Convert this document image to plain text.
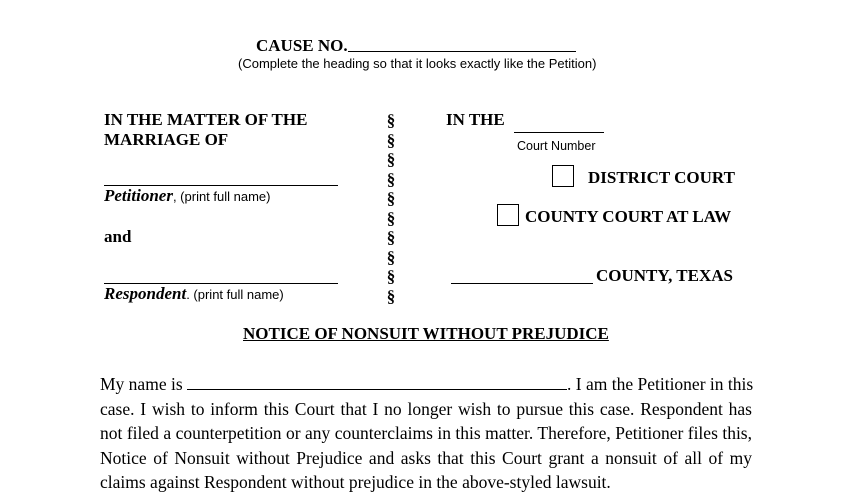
CAUSE NO.
(Complete the heading so that it looks exactly like the Petition)
IN THE MATTER OF THE
MARRIAGE OF
Petitioner, (print full name)
and
Respondent. (print full name)
§
§
§
§
§
§
§
§
§
§
IN THE
Court Number
DISTRICT COURT
COUNTY COURT AT LAW
COUNTY, TEXAS
NOTICE OF NONSUIT WITHOUT PREJUDICE

My name is	. I am the Petitioner in this

case. I wish to inform this Court that I no longer wish to pursue this case. Respondent has not filed a counterpetition or any counterclaims in this matter. Therefore, Petitioner files this, Notice of Nonsuit without Prejudice and asks that this Court grant a nonsuit of all of my claims against Respondent without prejudice in the above-styled lawsuit.
